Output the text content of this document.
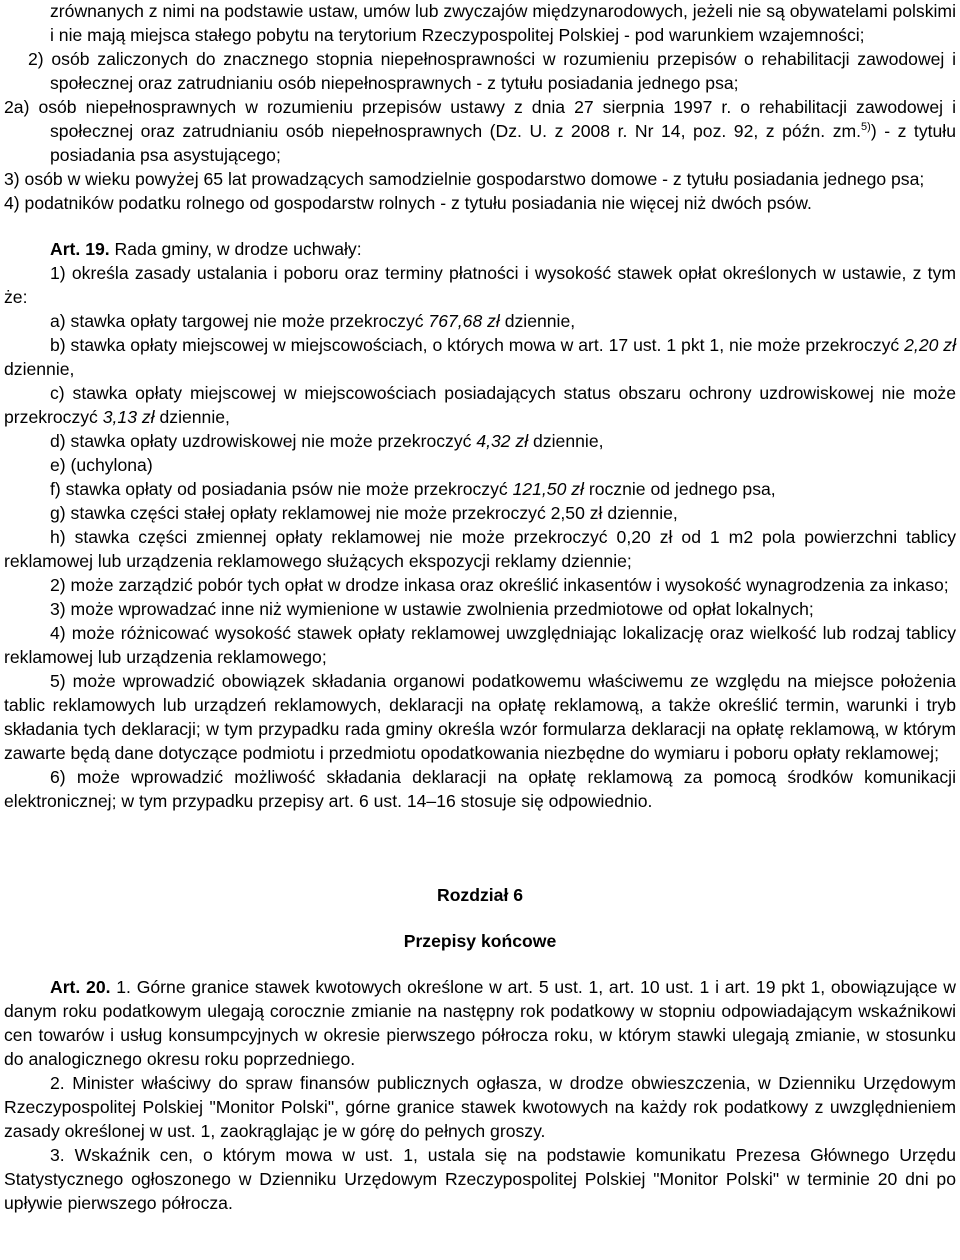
zrównanych z nimi na podstawie ustaw, umów lub zwyczajów międzynarodowych, jeżeli nie są obywatelami polskimi i nie mają miejsca stałego pobytu na terytorium Rzeczypospolitej Polskiej - pod warunkiem wzajemności;

2) osób zaliczonych do znacznego stopnia niepełnosprawności w rozumieniu przepisów o rehabilitacji zawodowej i społecznej oraz zatrudnianiu osób niepełnosprawnych - z tytułu posiadania jednego psa;

2a) osób niepełnosprawnych w rozumieniu przepisów ustawy z dnia 27 sierpnia 1997 r. o rehabilitacji zawodowej i społecznej oraz zatrudnianiu osób niepełnosprawnych (Dz. U. z 2008 r. Nr 14, poz. 92, z późn. zm.$^{5)}$) - z tytułu posiadania psa asystującego;

3) osób w wieku powyżej 65 lat prowadzących samodzielnie gospodarstwo domowe - z tytułu posiadania jednego psa;

4) podatników podatku rolnego od gospodarstw rolnych - z tytułu posiadania nie więcej niż dwóch psów.

Art. 19. Rada gminy, w drodze uchwały:

1) określa zasady ustalania i poboru oraz terminy płatności i wysokość stawek opłat określonych w ustawie, z tym że:

a) stawka opłaty targowej nie może przekroczyć 767,68 zł dziennie,

b) stawka opłaty miejscowej w miejscowościach, o których mowa w art. 17 ust. 1 pkt 1, nie może przekroczyć 2,20 zł dziennie,

c) stawka opłaty miejscowej w miejscowościach posiadających status obszaru ochrony uzdrowiskowej nie może przekroczyć 3,13 zł dziennie,

d) stawka opłaty uzdrowiskowej nie może przekroczyć 4,32 zł dziennie,

e) (uchylona)

f) stawka opłaty od posiadania psów nie może przekroczyć 121,50 zł rocznie od jednego psa,

g) stawka części stałej opłaty reklamowej nie może przekroczyć 2,50 zł dziennie,

h) stawka części zmiennej opłaty reklamowej nie może przekroczyć 0,20 zł od 1 m2 pola powierzchni tablicy reklamowej lub urządzenia reklamowego służących ekspozycji reklamy dziennie;

2) może zarządzić pobór tych opłat w drodze inkasa oraz określić inkasentów i wysokość wynagrodzenia za inkaso;

3) może wprowadzać inne niż wymienione w ustawie zwolnienia przedmiotowe od opłat lokalnych;

4) może różnicować wysokość stawek opłaty reklamowej uwzględniając lokalizację oraz wielkość lub rodzaj tablicy reklamowej lub urządzenia reklamowego;

5) może wprowadzić obowiązek składania organowi podatkowemu właściwemu ze względu na miejsce położenia tablic reklamowych lub urządzeń reklamowych, deklaracji na opłatę reklamową, a także określić termin, warunki i tryb składania tych deklaracji; w tym przypadku rada gminy określa wzór formularza deklaracji na opłatę reklamową, w którym zawarte będą dane dotyczące podmiotu i przedmiotu opodatkowania niezbędne do wymiaru i poboru opłaty reklamowej;

6) może wprowadzić możliwość składania deklaracji na opłatę reklamową za pomocą środków komunikacji elektronicznej; w tym przypadku przepisy art. 6 ust. 14–16 stosuje się odpowiednio.

Rozdział 6

Przepisy końcowe

Art. 20. 1. Górne granice stawek kwotowych określone w art. 5 ust. 1, art. 10 ust. 1 i art. 19 pkt 1, obowiązujące w danym roku podatkowym ulegają corocznie zmianie na następny rok podatkowy w stopniu odpowiadającym wskaźnikowi cen towarów i usług konsumpcyjnych w okresie pierwszego półrocza roku, w którym stawki ulegają zmianie, w stosunku do analogicznego okresu roku poprzedniego.

2. Minister właściwy do spraw finansów publicznych ogłasza, w drodze obwieszczenia, w Dzienniku Urzędowym Rzeczypospolitej Polskiej "Monitor Polski", górne granice stawek kwotowych na każdy rok podatkowy z uwzględnieniem zasady określonej w ust. 1, zaokrąglając je w górę do pełnych groszy.

3. Wskaźnik cen, o którym mowa w ust. 1, ustala się na podstawie komunikatu Prezesa Głównego Urzędu Statystycznego ogłoszonego w Dzienniku Urzędowym Rzeczypospolitej Polskiej "Monitor Polski" w terminie 20 dni po upływie pierwszego półrocza.
